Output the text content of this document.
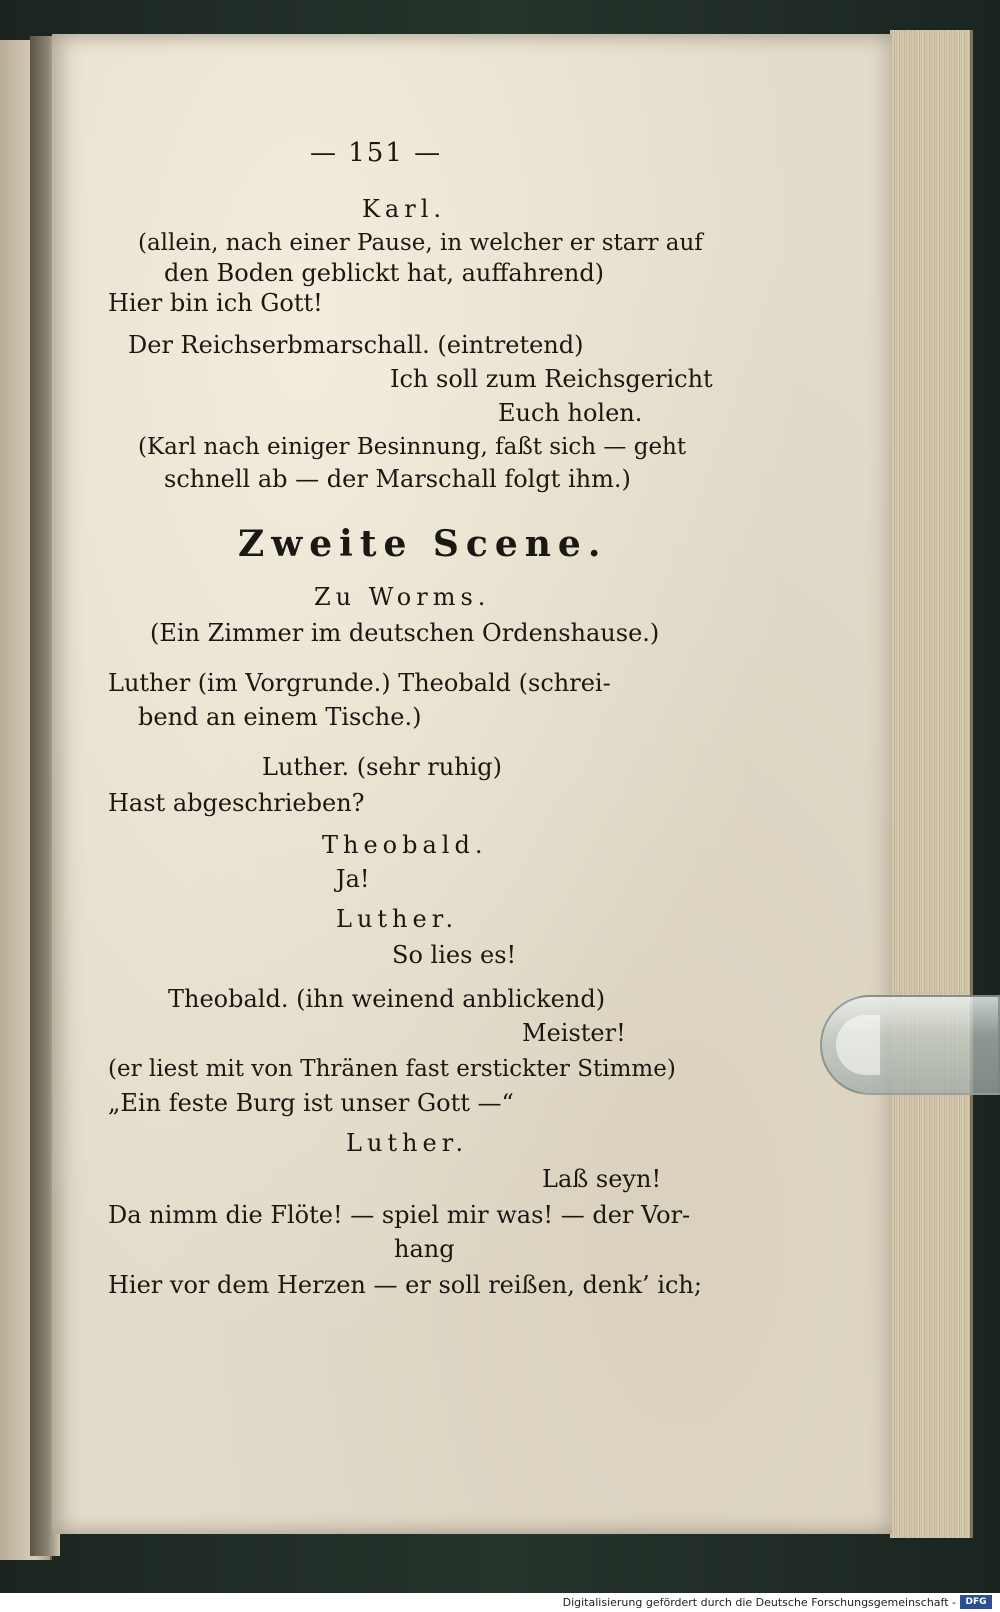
— 151 —
Karl.
(allein, nach einer Pause, in welcher er starr auf
den Boden geblickt hat, auffahrend)
Hier bin ich Gott!
Der Reichserbmarschall. (eintretend)
Ich soll zum Reichsgericht
Euch holen.
(Karl nach einiger Besinnung, faßt sich — geht
schnell ab — der Marschall folgt ihm.)
Zweite Scene.
Zu Worms.
(Ein Zimmer im deutschen Ordenshause.)
Luther (im Vorgrunde.) Theobald (schrei-
bend an einem Tische.)
Luther. (sehr ruhig)
Hast abgeschrieben?
Theobald.
Ja!
Luther.
So lies es!
Theobald. (ihn weinend anblickend)
Meister!
(er liest mit von Thränen fast erstickter Stimme)
„Ein feste Burg ist unser Gott —“
Luther.
Laß seyn!
Da nimm die Flöte! — spiel mir was! — der Vor-
hang
Hier vor dem Herzen — er soll reißen, denk’ ich;
Digitalisierung gefördert durch die Deutsche Forschungsgemeinschaft -	DFG
